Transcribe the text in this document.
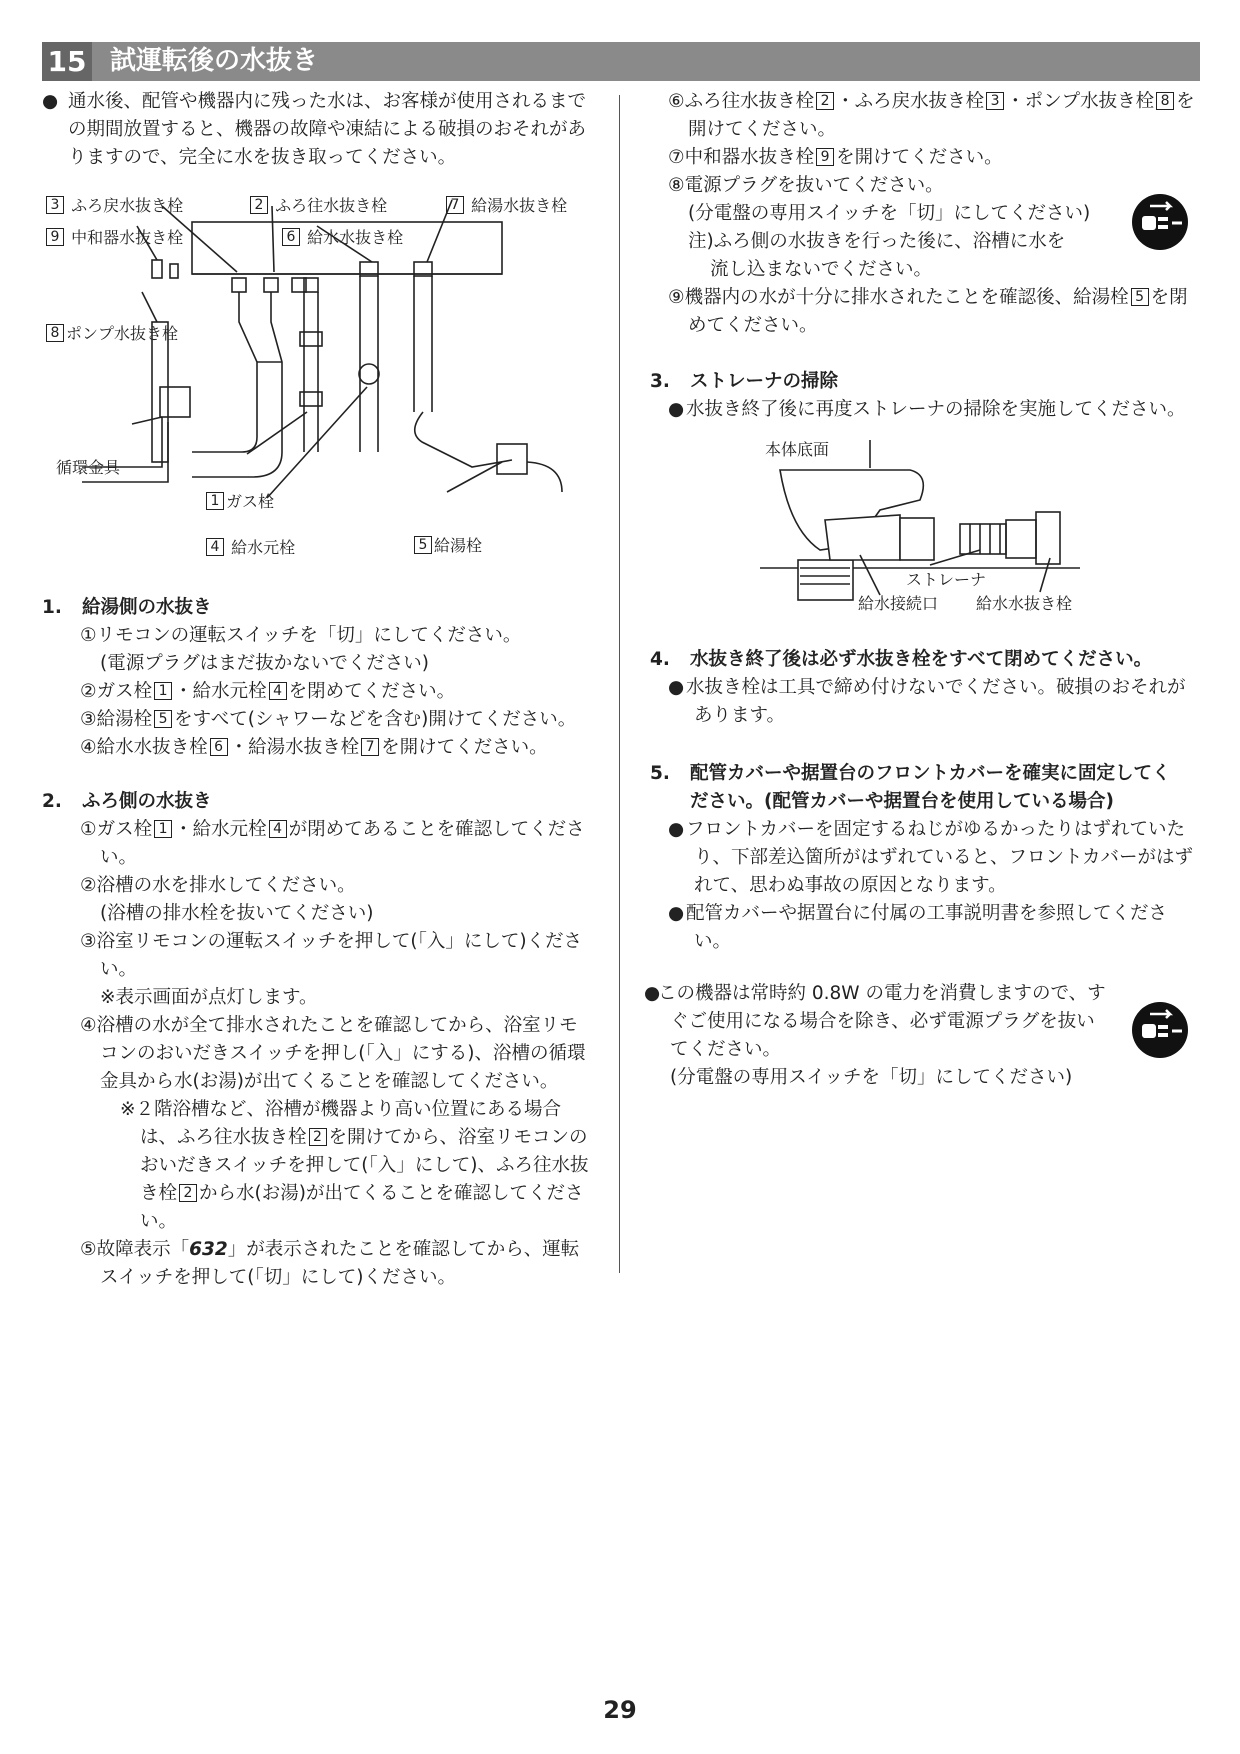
15 試運転後の水抜き

● 通水後、配管や機器内に残った水は、お客様が使用されるまでの期間放置すると、機器の故障や凍結による破損のおそれがありますので、完全に水を抜き取ってください。

3 ふろ戻水抜き栓	2 ふろ往水抜き栓	7 給湯水抜き栓
9 中和器水抜き栓	6 給水水抜き栓
8 ポンプ水抜き栓
循環金具
1 ガス栓
4 給水元栓	5 給湯栓

1. 給湯側の水抜き

①リモコンの運転スイッチを「切」にしてください。

(電源プラグはまだ抜かないでください)

②ガス栓 1 ・給水元栓 4 を閉めてください。

③給湯栓 5 をすべて(シャワーなどを含む)開けてください。

④給水水抜き栓 6 ・給湯水抜き栓 7 を開けてください。

2. ふろ側の水抜き

①ガス栓 1 ・給水元栓 4 が閉めてあることを確認してください。

②浴槽の水を排水してください。

(浴槽の排水栓を抜いてください)

③浴室リモコンの運転スイッチを押して(「入」にして)ください。

※表示画面が点灯します。

④浴槽の水が全て排水されたことを確認してから、浴室リモコンのおいだきスイッチを押し(「入」にする)、浴槽の循環金具から水(お湯)が出てくることを確認してください。

※２階浴槽など、浴槽が機器より高い位置にある場合は、ふろ往水抜き栓 2 を開けてから、浴室リモコンのおいだきスイッチを押して(「入」にして)、ふろ往水抜き栓 2 から水(お湯)が出てくることを確認してください。

⑤故障表示「632」が表示されたことを確認してから、運転スイッチを押して(「切」にして)ください。

⑥ふろ往水抜き栓 2 ・ふろ戻水抜き栓 3 ・ポンプ水抜き栓 8 を開けてください。

⑦中和器水抜き栓 9 を開けてください。

⑧電源プラグを抜いてください。

(分電盤の専用スイッチを「切」にしてください)

注)ふろ側の水抜きを行った後に、浴槽に水を

流し込まないでください。

⑨機器内の水が十分に排水されたことを確認後、給湯栓 5 を閉めてください。

3. ストレーナの掃除

●水抜き終了後に再度ストレーナの掃除を実施してください。

本体底面
ストレーナ
給水接続口 給水水抜き栓

4. 水抜き終了後は必ず水抜き栓をすべて閉めてください。

●水抜き栓は工具で締め付けないでください。破損のおそれがあります。

5. 配管カバーや据置台のフロントカバーを確実に固定してく

ださい。(配管カバーや据置台を使用している場合)

●フロントカバーを固定するねじがゆるかったりはずれていたり、下部差込箇所がはずれていると、フロントカバーがはずれて、思わぬ事故の原因となります。

●配管カバーや据置台に付属の工事説明書を参照してください。

●この機器は常時約 0.8W の電力を消費しますので、すぐご使用になる場合を除き、必ず電源プラグを抜いてください。

(分電盤の専用スイッチを「切」にしてください)

29
